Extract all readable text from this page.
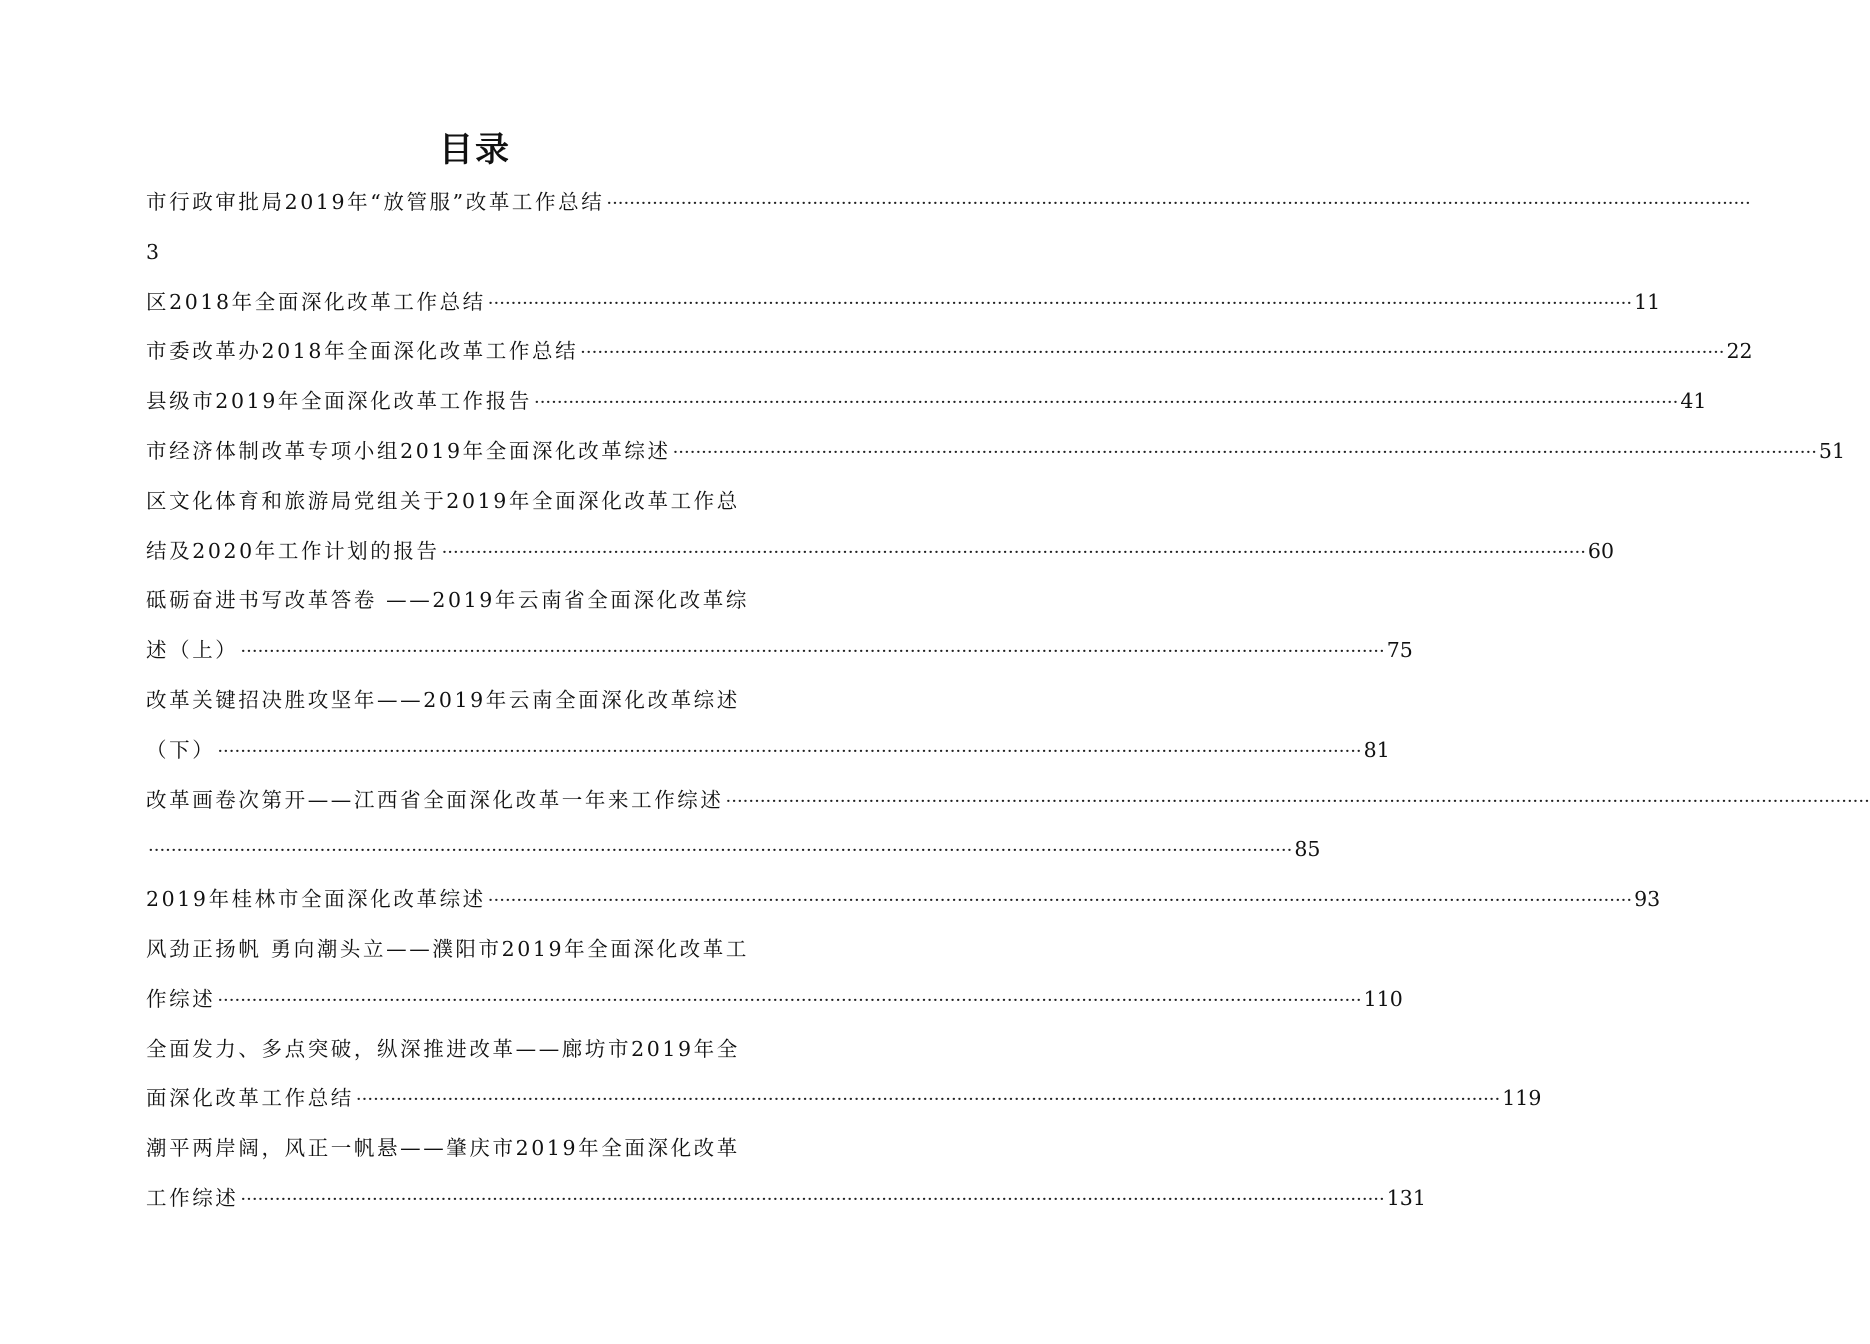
目录
市行政审批局2019年“放管服”改革工作总结 ········································································································································································································
3
区2018年全面深化改革工作总结 ········································································································································································································ 11
市委改革办2018年全面深化改革工作总结 ········································································································································································································ 22
县级市2019年全面深化改革工作报告 ········································································································································································································ 41
市经济体制改革专项小组2019年全面深化改革综述 ········································································································································································································ 51
区文化体育和旅游局党组关于2019年全面深化改革工作总
结及2020年工作计划的报告 ········································································································································································································ 60
砥砺奋进书写改革答卷 ——2019年云南省全面深化改革综
述（上） ········································································································································································································ 75
改革关键招决胜攻坚年——2019年云南全面深化改革综述
（下） ········································································································································································································ 81
改革画卷次第开——江西省全面深化改革一年来工作综述 ········································································································································································································
········································································································································································································ 85
2019年桂林市全面深化改革综述 ········································································································································································································ 93
风劲正扬帆 勇向潮头立——濮阳市2019年全面深化改革工
作综述 ········································································································································································································ 110
全面发力、多点突破，纵深推进改革——廊坊市2019年全
面深化改革工作总结 ········································································································································································································ 119
潮平两岸阔，风正一帆悬——肇庆市2019年全面深化改革
工作综述 ········································································································································································································ 131
